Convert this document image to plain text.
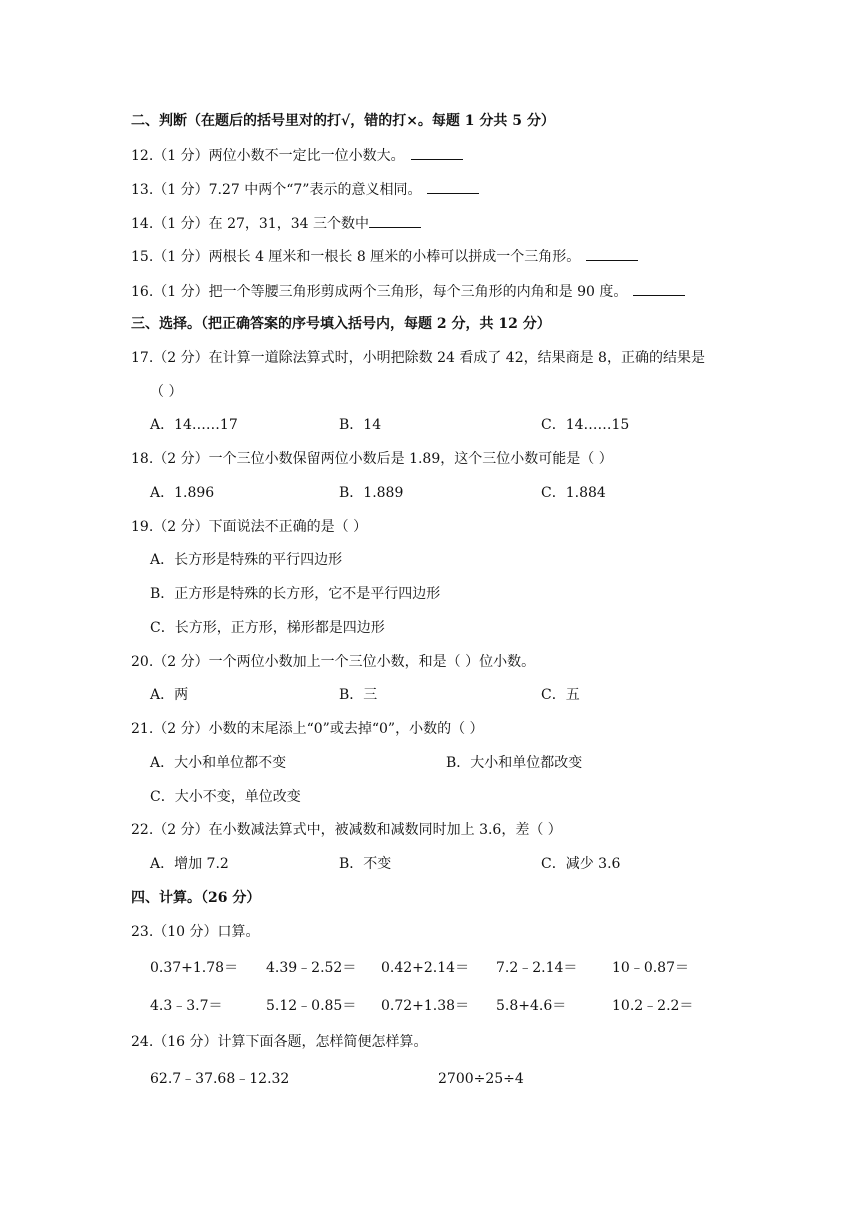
二、判断（在题后的括号里对的打√，错的打×。每题 1 分共 5 分）
12.（1 分）两位小数不一定比一位小数大。
13.（1 分）7.27 中两个“7”表示的意义相同。
14.（1 分）在 27，31，34 三个数中
15.（1 分）两根长 4 厘米和一根长 8 厘米的小棒可以拼成一个三角形。
16.（1 分）把一个等腰三角形剪成两个三角形，每个三角形的内角和是 90 度。
三、选择。（把正确答案的序号填入括号内，每题 2 分，共 12 分）
17.（2 分）在计算一道除法算式时，小明把除数 24 看成了 42，结果商是 8，正确的结果是
（ ）
A．14……17	B．14	C．14……15
18.（2 分）一个三位小数保留两位小数后是 1.89，这个三位小数可能是（ ）
A．1.896	B．1.889	C．1.884
19.（2 分）下面说法不正确的是（ ）
A．长方形是特殊的平行四边形
B．正方形是特殊的长方形，它不是平行四边形
C．长方形，正方形，梯形都是四边形
20.（2 分）一个两位小数加上一个三位小数，和是（ ）位小数。
A．两	B．三	C．五
21.（2 分）小数的末尾添上“0”或去掉“0”，小数的（ ）
A．大小和单位都不变	B．大小和单位都改变
C．大小不变，单位改变
22.（2 分）在小数减法算式中，被减数和减数同时加上 3.6，差（ ）
A．增加 7.2	B．不变	C．减少 3.6
四、计算。（26 分）
23.（10 分）口算。
0.37+1.78＝ 4.39﹣2.52＝ 0.42+2.14＝ 7.2﹣2.14＝ 10﹣0.87＝
4.3﹣3.7＝	5.12﹣0.85＝ 0.72+1.38＝ 5.8+4.6＝	10.2﹣2.2＝
24.（16 分）计算下面各题，怎样简便怎样算。
62.7﹣37.68﹣12.32	2700÷25÷4
